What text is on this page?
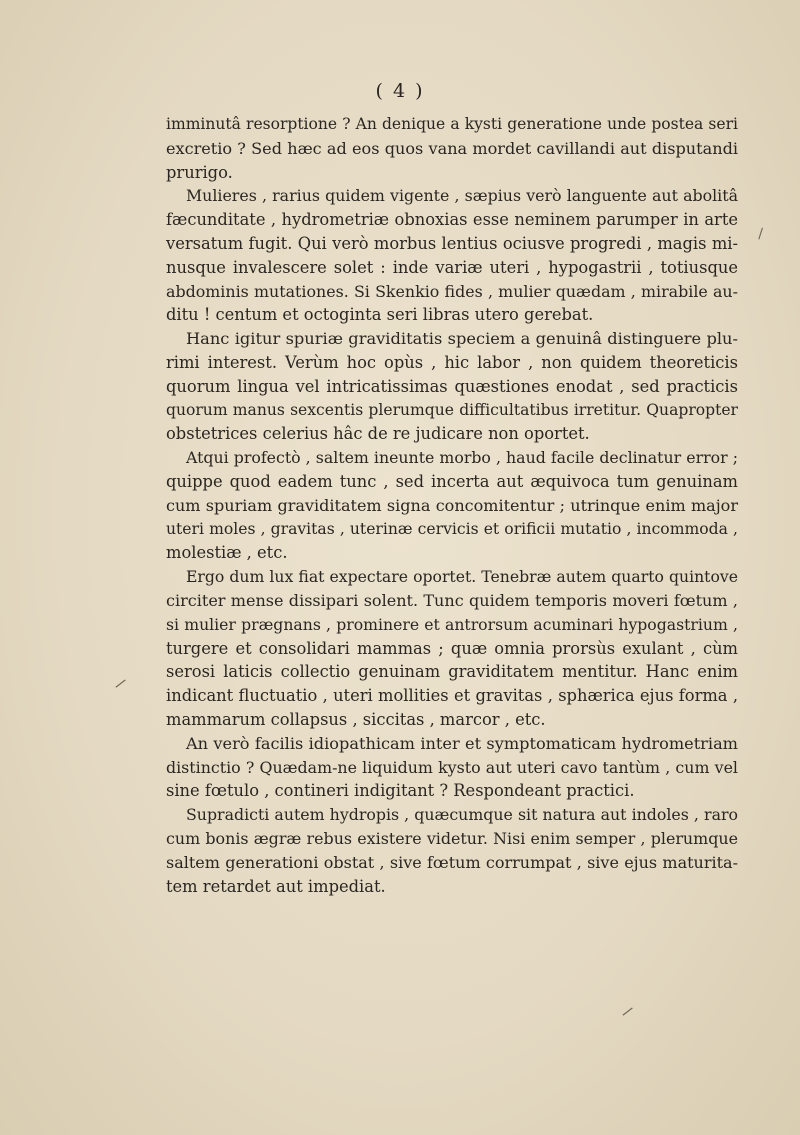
( 4 )
imminutâ resorptione ? An denique a kysti generatione unde postea seri
excretio ? Sed hæc ad eos quos vana mordet cavillandi aut disputandi
prurigo.
Mulieres , rarius quidem vigente , sæpius verò languente aut abolitâ
fæcunditate , hydrometriæ obnoxias esse neminem parumper in arte
versatum fugit. Qui verò morbus lentius ociusve progredi , magis mi-
nusque invalescere solet : inde variæ uteri , hypogastrii , totiusque
abdominis mutationes. Si Skenkio fides , mulier quædam , mirabile au-
ditu ! centum et octoginta seri libras utero gerebat.
Hanc igitur spuriæ graviditatis speciem a genuinâ distinguere plu-
rimi interest. Verùm hoc opùs , hic labor , non quidem theoreticis
quorum lingua vel intricatissimas quæstiones enodat , sed practicis
quorum manus sexcentis plerumque difficultatibus irretitur. Quapropter
obstetrices celerius hâc de re judicare non oportet.
Atqui profectò , saltem ineunte morbo , haud facile declinatur error ;
quippe quod eadem tunc , sed incerta aut æquivoca tum genuinam
cum spuriam graviditatem signa concomitentur ; utrinque enim major
uteri moles , gravitas , uterinæ cervicis et orificii mutatio , incommoda ,
molestiæ , etc.
Ergo dum lux fiat expectare oportet. Tenebræ autem quarto quintove
circiter mense dissipari solent. Tunc quidem temporis moveri fœtum ,
si mulier prægnans , prominere et antrorsum acuminari hypogastrium ,
turgere et consolidari mammas ; quæ omnia prorsùs exulant , cùm
serosi laticis collectio genuinam graviditatem mentitur. Hanc enim
indicant fluctuatio , uteri mollities et gravitas , sphærica ejus forma ,
mammarum collapsus , siccitas , marcor , etc.
An verò facilis idiopathicam inter et symptomaticam hydrometriam
distinctio ? Quædam-ne liquidum kysto aut uteri cavo tantùm , cum vel
sine fœtulo , contineri indigitant ? Respondeant practici.
Supradicti autem hydropis , quæcumque sit natura aut indoles , raro
cum bonis ægræ rebus existere videtur. Nisi enim semper , plerumque
saltem generationi obstat , sive fœtum corrumpat , sive ejus maturita-
tem retardet aut impediat.
\
/
/
